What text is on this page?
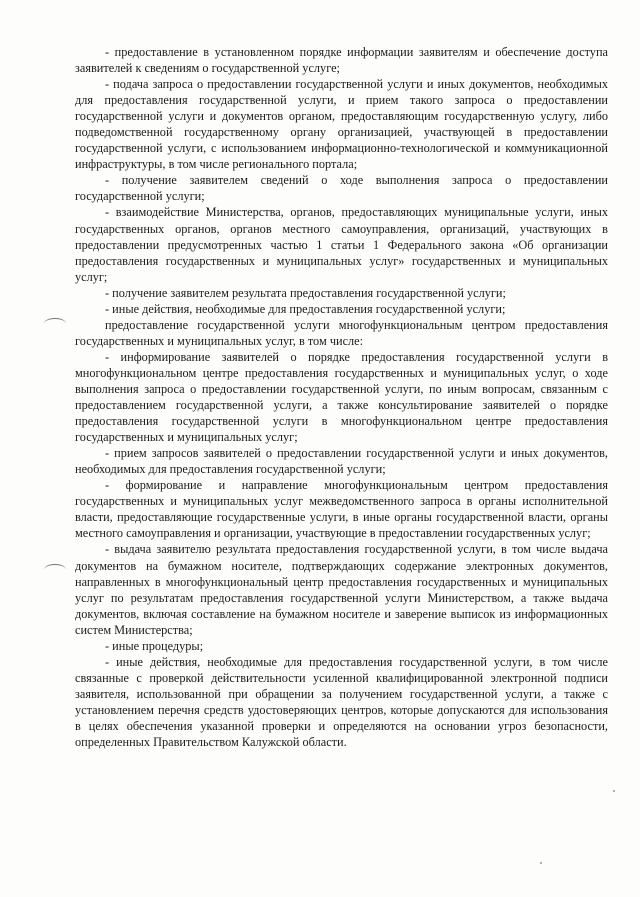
- предоставление в установленном порядке информации заявителям и обеспечение доступа заявителей к сведениям о государственной услуге;

- подача запроса о предоставлении государственной услуги и иных документов, необходимых для предоставления государственной услуги, и прием такого запроса о предоставлении государственной услуги и документов органом, предоставляющим государственную услугу, либо подведомственной государственному органу организацией, участвующей в предоставлении государственной услуги, с использованием информационно-технологической и коммуникационной инфраструктуры, в том числе регионального портала;

- получение заявителем сведений о ходе выполнения запроса о предоставлении государственной услуги;

- взаимодействие Министерства, органов, предоставляющих муниципальные услуги, иных государственных органов, органов местного самоуправления, организаций, участвующих в предоставлении предусмотренных частью 1 статьи 1 Федерального закона «Об организации предоставления государственных и муниципальных услуг» государственных и муниципальных услуг;

- получение заявителем результата предоставления государственной услуги;

- иные действия, необходимые для предоставления государственной услуги;

предоставление государственной услуги многофункциональным центром предоставления государственных и муниципальных услуг, в том числе:

- информирование заявителей о порядке предоставления государственной услуги в многофункциональном центре предоставления государственных и муниципальных услуг, о ходе выполнения запроса о предоставлении государственной услуги, по иным вопросам, связанным с предоставлением государственной услуги, а также консультирование заявителей о порядке предоставления государственной услуги в многофункциональном центре предоставления государственных и муниципальных услуг;

- прием запросов заявителей о предоставлении государственной услуги и иных документов, необходимых для предоставления государственной услуги;

- формирование и направление многофункциональным центром предоставления государственных и муниципальных услуг межведомственного запроса в органы исполнительной власти, предоставляющие государственные услуги, в иные органы государственной власти, органы местного самоуправления и организации, участвующие в предоставлении государственных услуг;

- выдача заявителю результата предоставления государственной услуги, в том числе выдача документов на бумажном носителе, подтверждающих содержание электронных документов, направленных в многофункциональный центр предоставления государственных и муниципальных услуг по результатам предоставления государственной услуги Министерством, а также выдача документов, включая составление на бумажном носителе и заверение выписок из информационных систем Министерства;

- иные процедуры;

- иные действия, необходимые для предоставления государственной услуги, в том числе связанные с проверкой действительности усиленной квалифицированной электронной подписи заявителя, использованной при обращении за получением государственной услуги, а также с установлением перечня средств удостоверяющих центров, которые допускаются для использования в целях обеспечения указанной проверки и определяются на основании угроз безопасности, определенных Правительством Калужской области.
